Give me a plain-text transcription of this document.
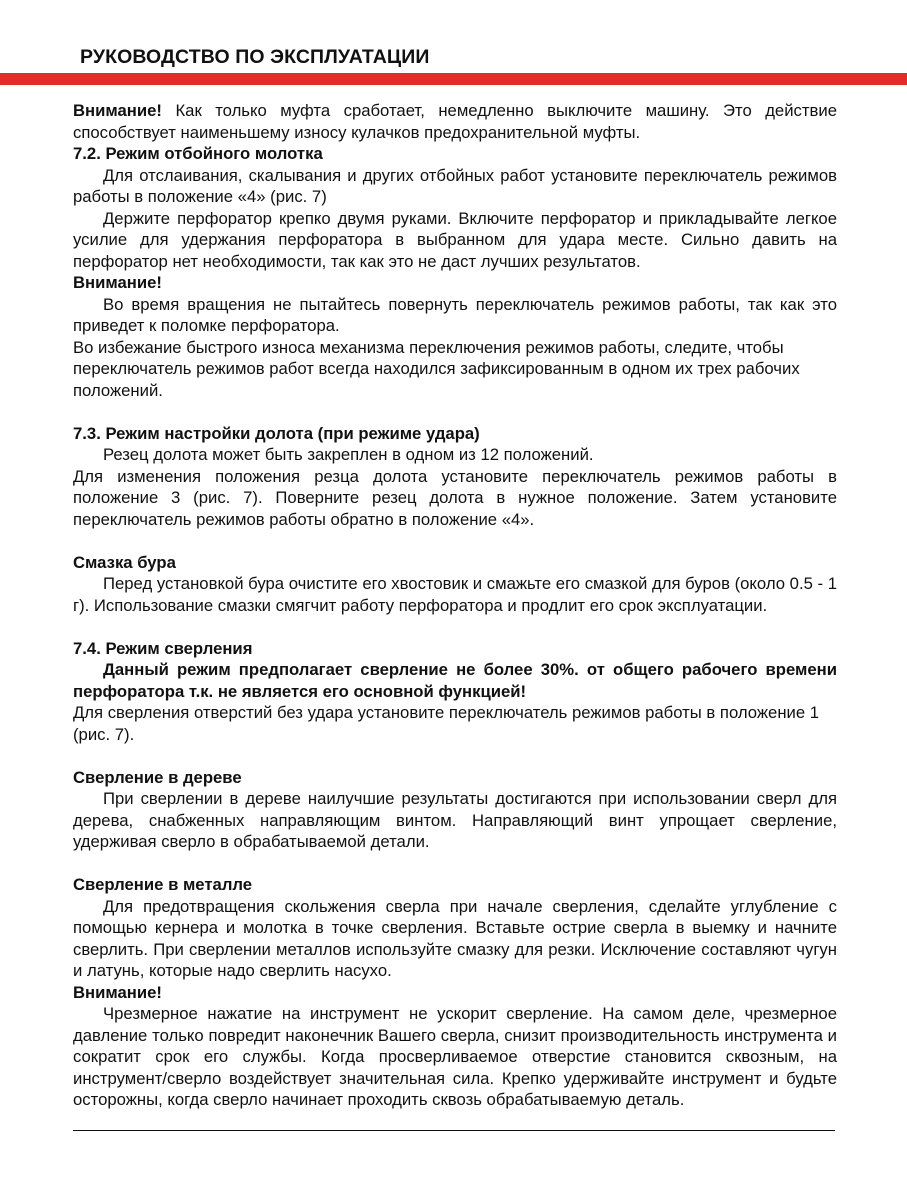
РУКОВОДСТВО ПО ЭКСПЛУАТАЦИИ

Внимание! Как только муфта сработает, немедленно выключите машину. Это действие способствует наименьшему износу кулачков предохранительной муфты.

7.2. Режим отбойного молотка

Для отслаивания, скалывания и других отбойных работ установите переключатель режимов работы в положение «4» (рис. 7)

Держите перфоратор крепко двумя руками. Включите перфоратор и прикладывайте легкое усилие для удержания перфоратора в выбранном для удара месте. Сильно давить на перфоратор нет необходимости, так как это не даст лучших результатов.

Внимание!

Во время вращения не пытайтесь повернуть переключатель режимов работы, так как это приведет к поломке перфоратора.

Во избежание быстрого износа механизма переключения режимов работы, следите, чтобы переключатель режимов работ всегда находился зафиксированным в одном их трех рабочих положений.

7.3. Режим настройки долота (при режиме удара)

Резец долота может быть закреплен в одном из 12 положений.

Для изменения положения резца долота установите переключатель режимов работы в положение 3 (рис. 7). Поверните резец долота в нужное положение. Затем установите переключатель режимов работы обратно в положение «4».

Смазка бура

Перед установкой бура очистите его хвостовик и смажьте его смазкой для буров (около 0.5 - 1 г). Использование смазки смягчит работу перфоратора и продлит его срок эксплуатации.

7.4. Режим сверления

Данный режим предполагает сверление не более 30%. от общего рабочего времени перфоратора т.к. не является его основной функцией!

Для сверления отверстий без удара установите переключатель режимов работы в положение 1 (рис. 7).

Сверление в дереве

При сверлении в дереве наилучшие результаты достигаются при использовании сверл для дерева, снабженных направляющим винтом. Направляющий винт упрощает сверление, удерживая сверло в обрабатываемой детали.

Сверление в металле

Для предотвращения скольжения сверла при начале сверления, сделайте углубление с помощью кернера и молотка в точке сверления. Вставьте острие сверла в выемку и начните сверлить. При сверлении металлов используйте смазку для резки. Исключение составляют чугун и латунь, которые надо сверлить насухо.

Внимание!

Чрезмерное нажатие на инструмент не ускорит сверление. На самом деле, чрезмерное давление только повредит наконечник Вашего сверла, снизит производительность инструмента и сократит срок его службы. Когда просверливаемое отверстие становится сквозным, на инструмент/сверло воздействует значительная сила. Крепко удерживайте инструмент и будьте осторожны, когда сверло начинает проходить сквозь обрабатываемую деталь.
